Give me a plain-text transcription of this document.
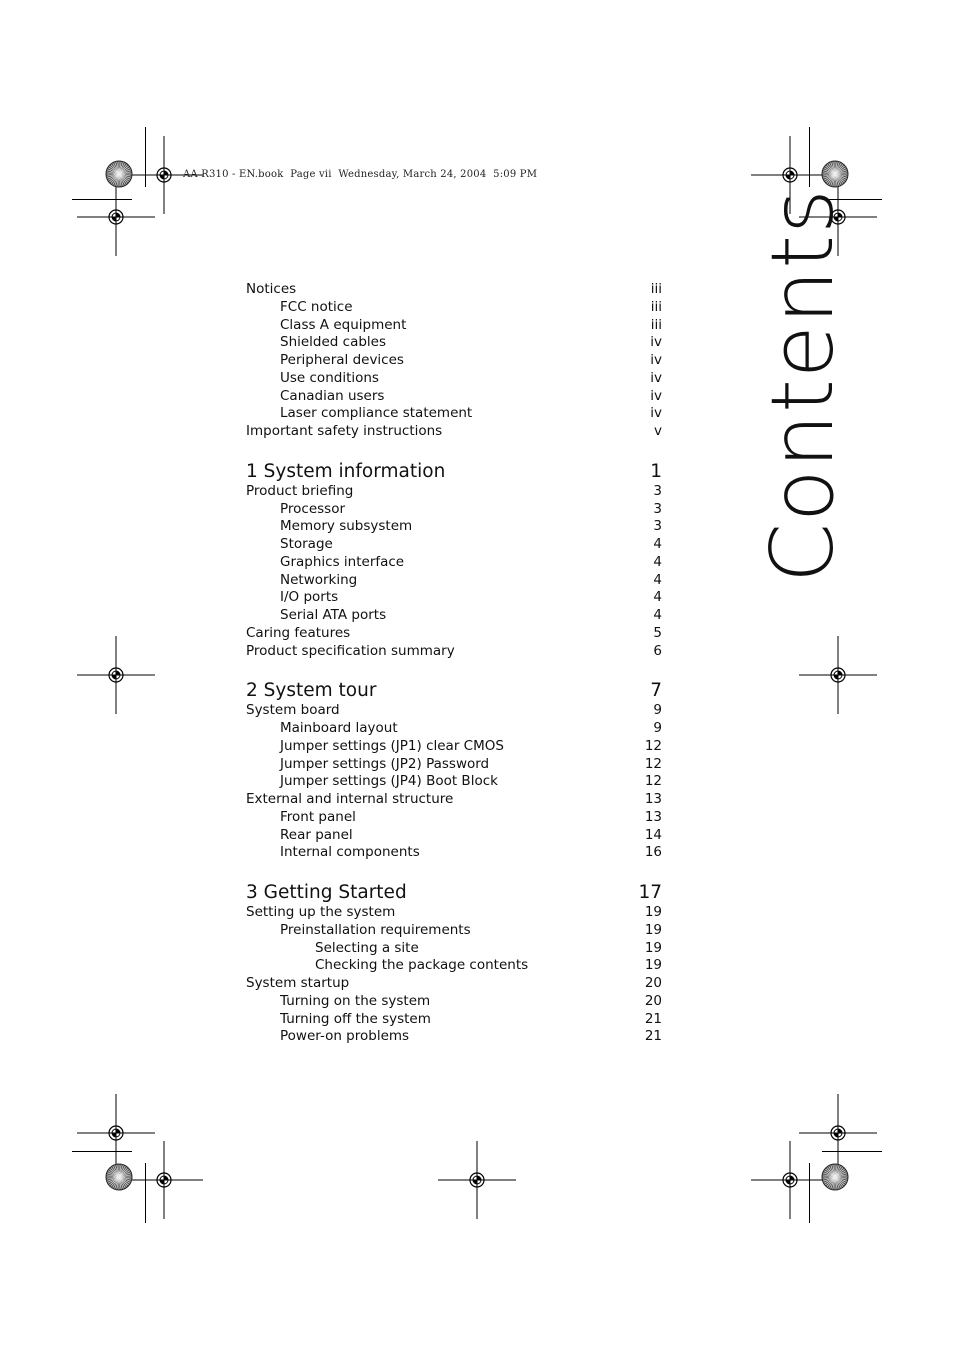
AA R310 - EN.book  Page vii  Wednesday, March 24, 2004  5:09 PM
Notices	iii
FCC notice	iii
Class A equipment	iii
Shielded cables	iv
Peripheral devices	iv
Use conditions	iv
Canadian users	iv
Laser compliance statement	iv
Important safety instructions	v
1 System information	1
Product briefing	3
Processor	3
Memory subsystem	3
Storage	4
Graphics interface	4
Networking	4
I/O ports	4
Serial ATA ports	4
Caring features	5
Product specification summary	6
2 System tour	7
System board	9
Mainboard layout	9
Jumper settings (JP1) clear CMOS	12
Jumper settings (JP2) Password	12
Jumper settings (JP4) Boot Block	12
External and internal structure	13
Front panel	13
Rear panel	14
Internal components	16
3 Getting Started	17
Setting up the system	19
Preinstallation requirements	19
Selecting a site	19
Checking the package contents	19
System startup	20
Turning on the system	20
Turning off the system	21
Power-on problems	21
Contents
